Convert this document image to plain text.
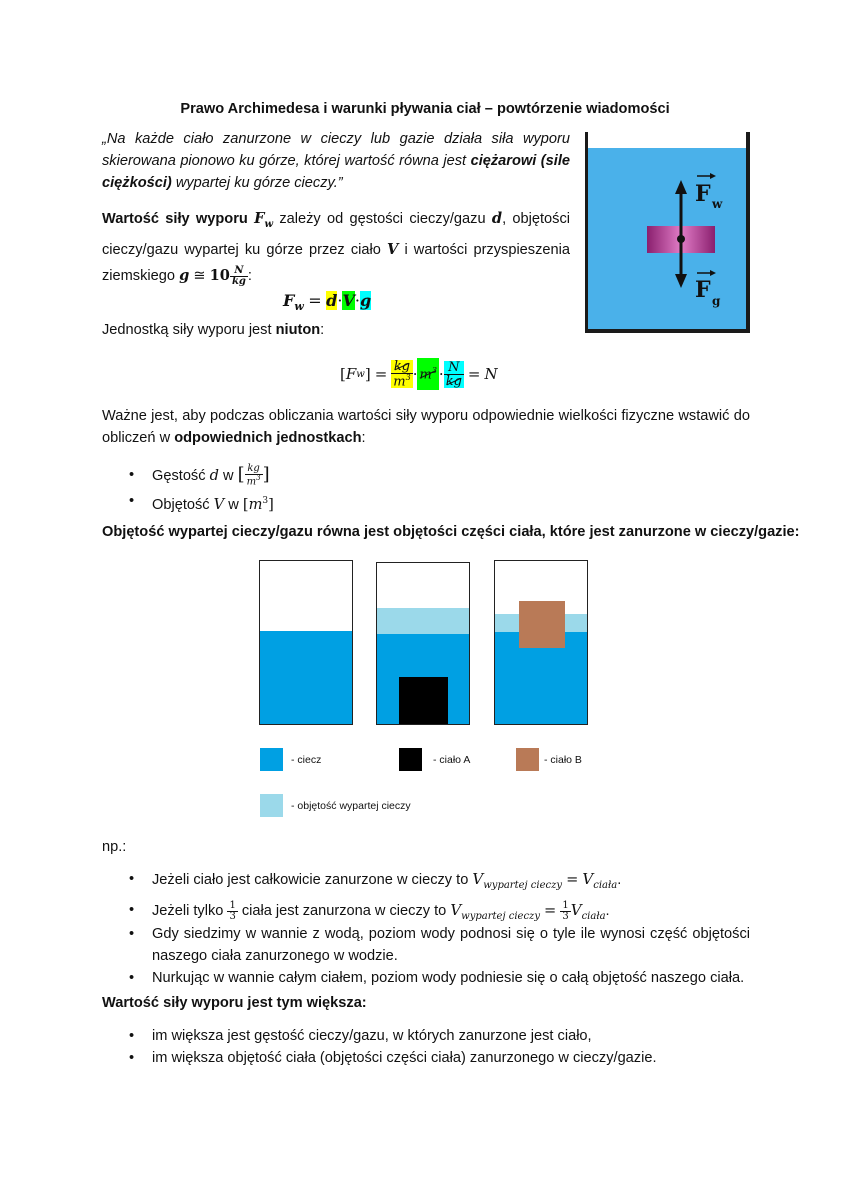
Prawo Archimedesa i warunki pływania ciał – powtórzenie wiadomości
„Na każde ciało zanurzone w cieczy lub gazie działa siła wyporu skierowana pionowo ku górze, której wartość równa jest ciężarowi (sile ciężkości) wypartej ku górze cieczy.”
Wartość siły wyporu $F_w$ zależy od gęstości cieczy/gazu d, objętości cieczy/gazu wypartej ku górze przez ciało V i wartości przyspieszenia ziemskiego g ≅ $10 \frac{N}{kg}$ :
$F_w = d\cdot V\cdot g$
Jednostką siły wyporu jest niuton:
[ F w ] = $\frac{kg}{m^3} \cdot m^3 \cdot \frac{N}{kg} = N$
F w
F g
Ważne jest, aby podczas obliczania wartości siły wyporu odpowiednie wielkości fizyczne wstawić do obliczeń w odpowiednich jednostkach:
• Gęstość d w [ $\frac{kg}{m^3}$ ]
• Objętość V w $[m^3]$
Objętość wypartej cieczy/gazu równa jest objętości części ciała, które jest zanurzone w cieczy/gazie:
- ciecz	- ciało A	- ciało B
- objętość wypartej cieczy
np.:
• Jeżeli ciało jest całkowicie zanurzone w cieczy to $V_{wypartej cieczy} = V_{ciała}$.
• Jeżeli tylko $\frac{1}{3}$ ciała jest zanurzona w cieczy to $V_{wypartej cieczy} = \frac{1}{3} V_{ciała}$.
• Gdy siedzimy w wannie z wodą, poziom wody podnosi się o tyle ile wynosi część objętości naszego ciała zanurzonego w wodzie.
• Nurkując w wannie całym ciałem, poziom wody podniesie się o całą objętość naszego ciała.
Wartość siły wyporu jest tym większa:
• im większa jest gęstość cieczy/gazu, w których zanurzone jest ciało,
• im większa objętość ciała (objętości części ciała) zanurzonego w cieczy/gazie.
